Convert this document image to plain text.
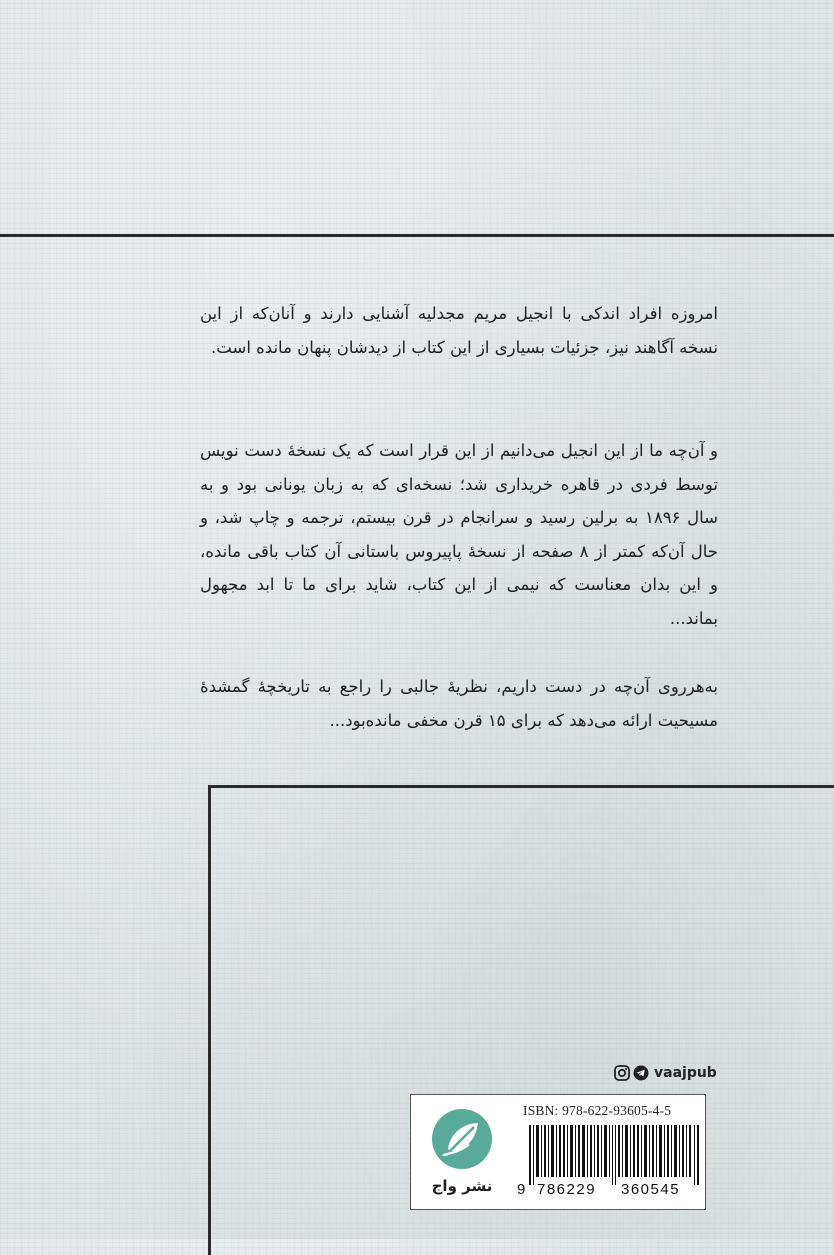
امروزه افراد اندکی با انجیل مریم مجدلیه آشنایی دارند و آنان‌که از این نسخه آگاهند نیز، جزئیات بسیاری از این کتاب از دیدشان پنهان مانده است.

و آن‌چه ما از این انجیل می‌دانیم از این قرار است که یک نسخهٔ دست نویس توسط فردی در قاهره خریداری شد؛ نسخه‌ای که به زبان یونانی بود و به سال ۱۸۹۶ به برلین رسید و سرانجام در قرن بیستم، ترجمه و چاپ شد، و حال آن‌که کمتر از ۸ صفحه از نسخهٔ پاپیروس باستانی آن کتاب باقی مانده، و این بدان معناست که نیمی از این کتاب، شاید برای ما تا ابد مجهول بماند...

به‌هرروی آن‌چه در دست داریم، نظریهٔ جالبی را راجع به تاریخچهٔ گمشدهٔ مسیحیت ارائه می‌دهد که برای ۱۵ قرن مخفی مانده‌بود...

vaajpub
نشر واج
ISBN: 978-622-93605-4-5
9 786229 360545
